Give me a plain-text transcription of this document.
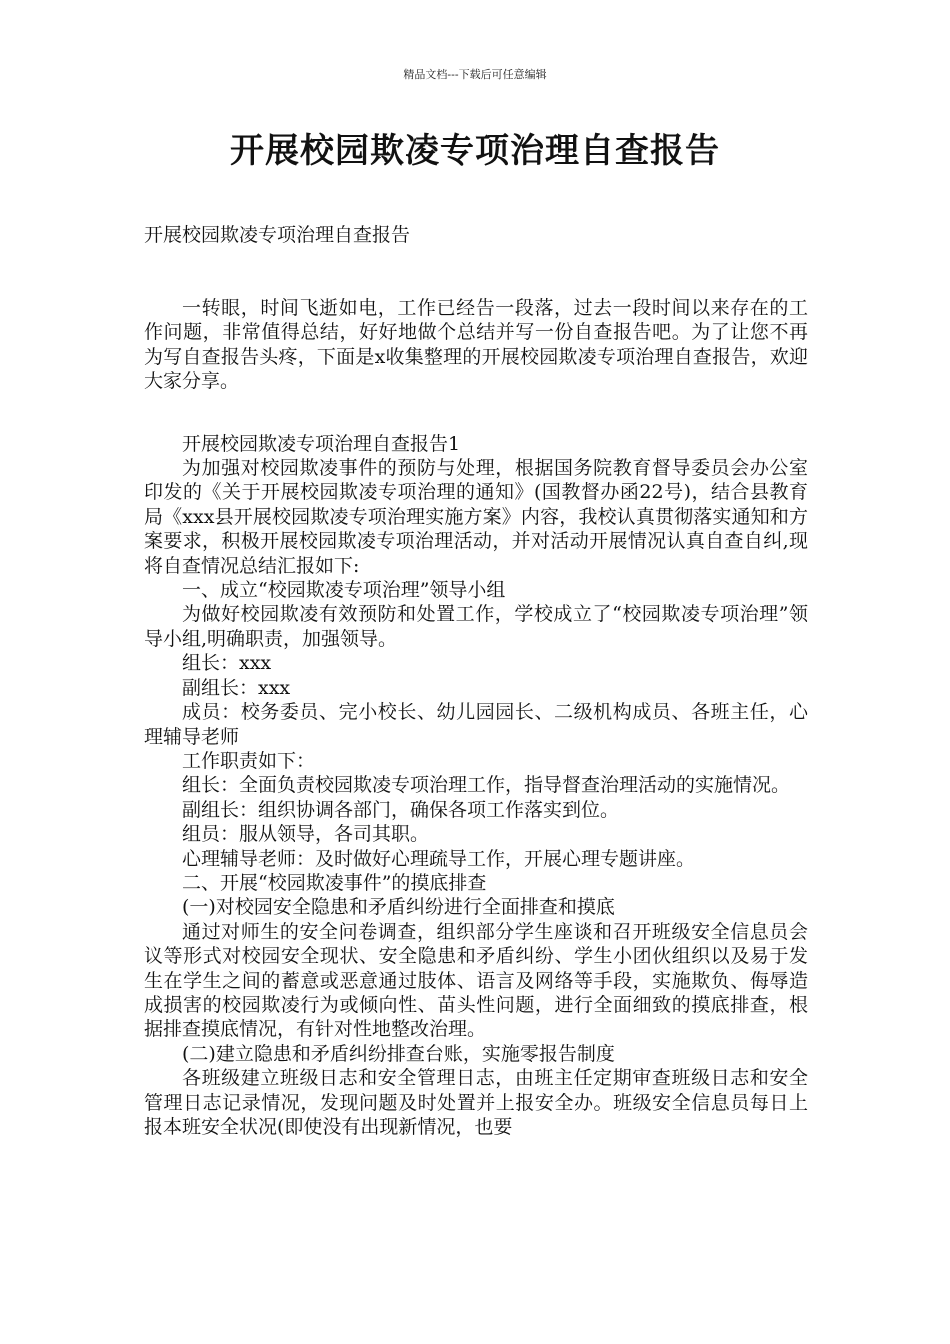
精品文档---下载后可任意编辑
开展校园欺凌专项治理自查报告
开展校园欺凌专项治理自查报告

一转眼，时间飞逝如电，工作已经告一段落，过去一段时间以来存在的工作问题，非常值得总结，好好地做个总结并写一份自查报告吧。为了让您不再为写自查报告头疼，下面是x收集整理的开展校园欺凌专项治理自查报告，欢迎大家分享。

开展校园欺凌专项治理自查报告1

为加强对校园欺凌事件的预防与处理，根据国务院教育督导委员会办公室印发的《关于开展校园欺凌专项治理的通知》(国教督办函22号)，结合县教育局《xxx县开展校园欺凌专项治理实施方案》内容，我校认真贯彻落实通知和方案要求，积极开展校园欺凌专项治理活动，并对活动开展情况认真自查自纠,现将自查情况总结汇报如下:

一、成立“校园欺凌专项治理”领导小组

为做好校园欺凌有效预防和处置工作，学校成立了“校园欺凌专项治理”领导小组,明确职责，加强领导。

组长：xxx

副组长：xxx

成员：校务委员、完小校长、幼儿园园长、二级机构成员、各班主任，心理辅导老师

工作职责如下：

组长：全面负责校园欺凌专项治理工作，指导督查治理活动的实施情况。

副组长：组织协调各部门，确保各项工作落实到位。

组员：服从领导，各司其职。

心理辅导老师：及时做好心理疏导工作，开展心理专题讲座。

二、开展“校园欺凌事件”的摸底排查

(一)对校园安全隐患和矛盾纠纷进行全面排查和摸底

通过对师生的安全问卷调查，组织部分学生座谈和召开班级安全信息员会议等形式对校园安全现状、安全隐患和矛盾纠纷、学生小团伙组织以及易于发生在学生之间的蓄意或恶意通过肢体、语言及网络等手段，实施欺负、侮辱造成损害的校园欺凌行为或倾向性、苗头性问题，进行全面细致的摸底排查，根据排查摸底情况，有针对性地整改治理。

(二)建立隐患和矛盾纠纷排查台账，实施零报告制度

各班级建立班级日志和安全管理日志，由班主任定期审查班级日志和安全管理日志记录情况，发现问题及时处置并上报安全办。班级安全信息员每日上报本班安全状况(即使没有出现新情况，也要
